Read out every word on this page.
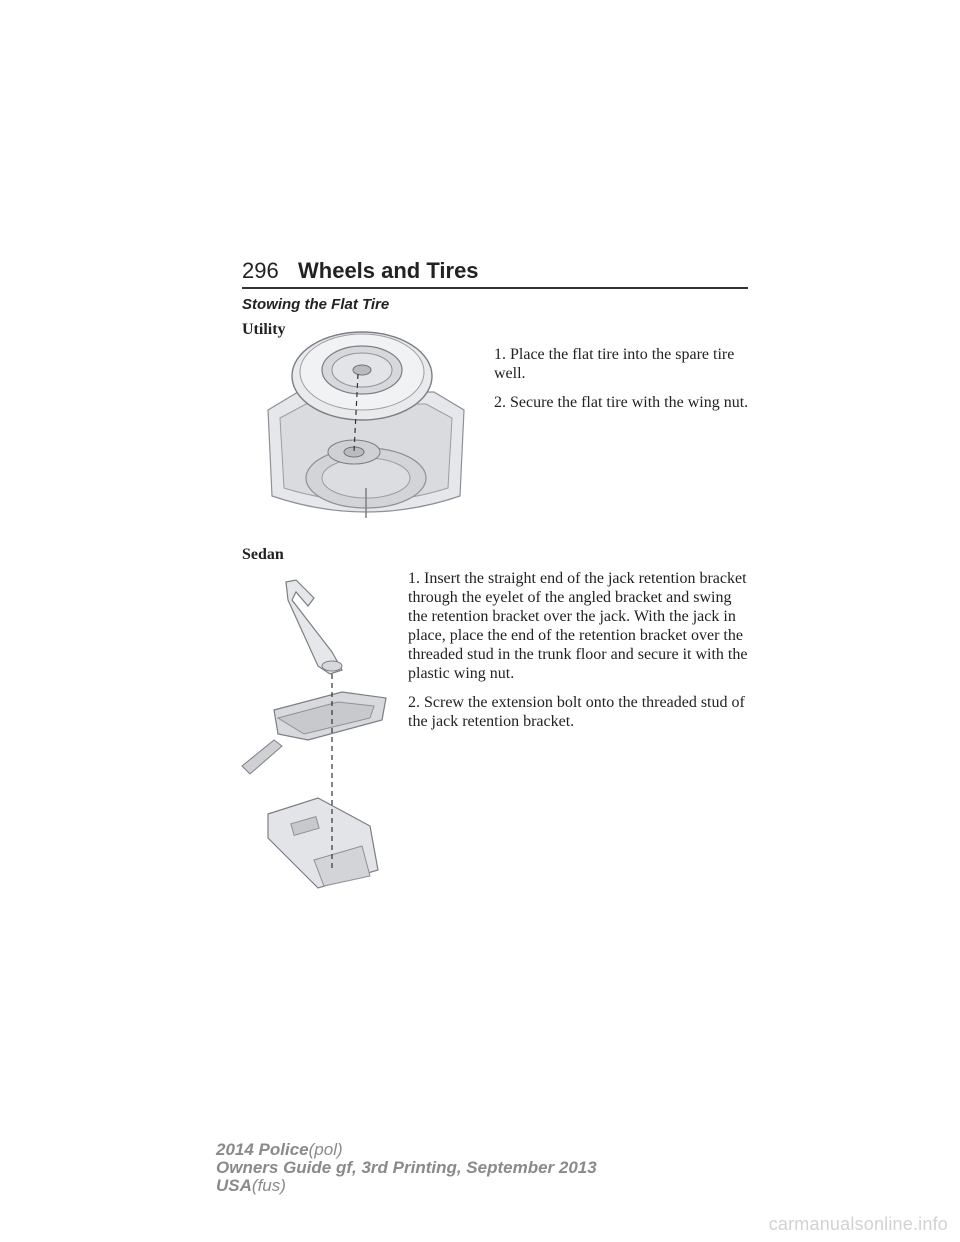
296 Wheels and Tires
Stowing the Flat Tire
Utility

1. Place the flat tire into the spare tire well.

2. Secure the flat tire with the wing nut.

Sedan

1. Insert the straight end of the jack retention bracket through the eyelet of the angled bracket and swing the retention bracket over the jack. With the jack in place, place the end of the retention bracket over the threaded stud in the trunk floor and secure it with the plastic wing nut.

2. Screw the extension bolt onto the threaded stud of the jack retention bracket.

2014 Police(pol)
Owners Guide gf, 3rd Printing, September 2013
USA(fus)
carmanualsonline.info
